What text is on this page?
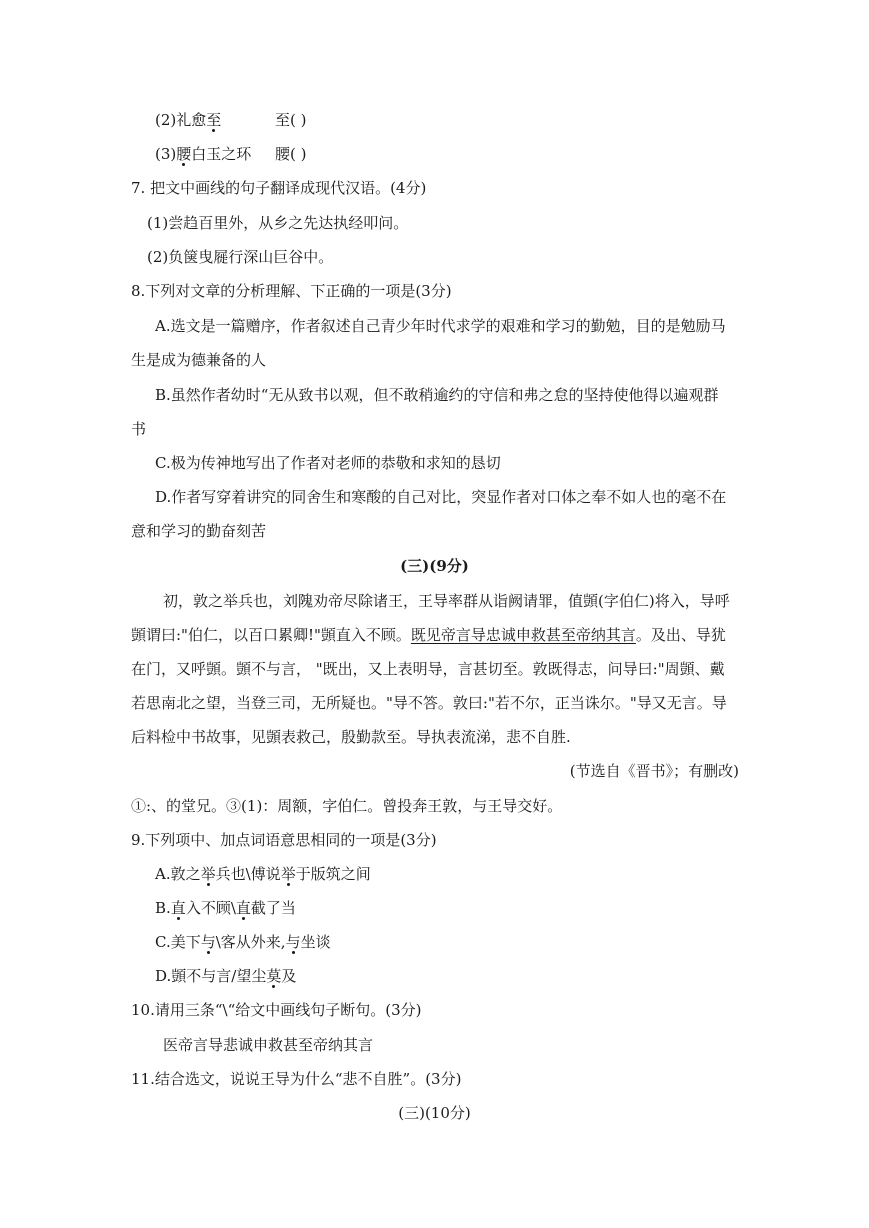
(2)礼愈至	至( )
(3)腰白玉之环 腰( )
7. 把文中画线的句子翻译成现代汉语。(4分)
(1)尝趋百里外，从乡之先达执经叩问。
(2)负箧曳屣行深山巨谷中。
8.下列对文章的分析理解、下正确的一项是(3分)
A.选文是一篇赠序，作者叙述自己青少年时代求学的艰难和学习的勤勉，目的是勉励马
生是成为德兼备的人
B.虽然作者幼时“无从致书以观，但不敢稍逾约的守信和弗之怠的坚持使他得以遍观群
书
C.极为传神地写出了作者对老师的恭敬和求知的恳切
D.作者写穿着讲究的同舍生和寒酸的自己对比，突显作者对口体之奉不如人也的毫不在
意和学习的勤奋刻苦
(三)(9分)
初，敦之举兵也，刘隗劝帝尽除诸王，王导率群从诣阙请罪，值顗(字伯仁)将入，导呼
顗谓曰:"伯仁，以百口累卿!"顗直入不顾。既见帝言导忠诚申救甚至帝纳其言。及出、导犹
在门，又呼顗。顗不与言， "既出，又上表明导，言甚切至。敦既得志，问导曰:"周顗、戴
若思南北之望，当登三司，无所疑也。"导不答。敦曰:"若不尔，正当诛尔。"导又无言。导
后料检中书故事，见顗表救己，殷勤款至。导执表流涕，悲不自胜.
(节选自《晋书》；有删改)
①:、的堂兄。③(1)：周额，字伯仁。曾投奔王敦，与王导交好。
9.下列项中、加点词语意思相同的一项是(3分)
A.敦之举兵也\傅说举于版筑之间
B.直入不顾\直截了当
C.美下与\客从外来,与坐谈
D.顗不与言/望尘莫及
10.请用三条“\“给文中画线句子断句。(3分)
医帝言导悲诚申救甚至帝纳其言
11.结合选文，说说王导为什么“悲不自胜”。(3分)
(三)(10分)
